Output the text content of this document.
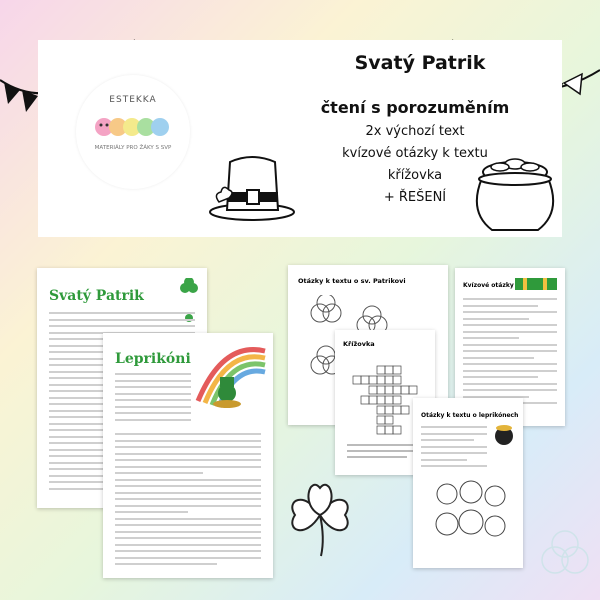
ESTEKKA
MATERIÁLY PRO ŽÁKY S SVP
Svatý Patrik
čtení s porozuměním
2x výchozí text
kvízové otázky k textu
křížovka
+ ŘEŠENÍ
Svatý Patrik
Leprikóni
Otázky k textu o sv. Patrikovi
Křížovka
Kvízové otázky
Otázky k textu o leprikónech
